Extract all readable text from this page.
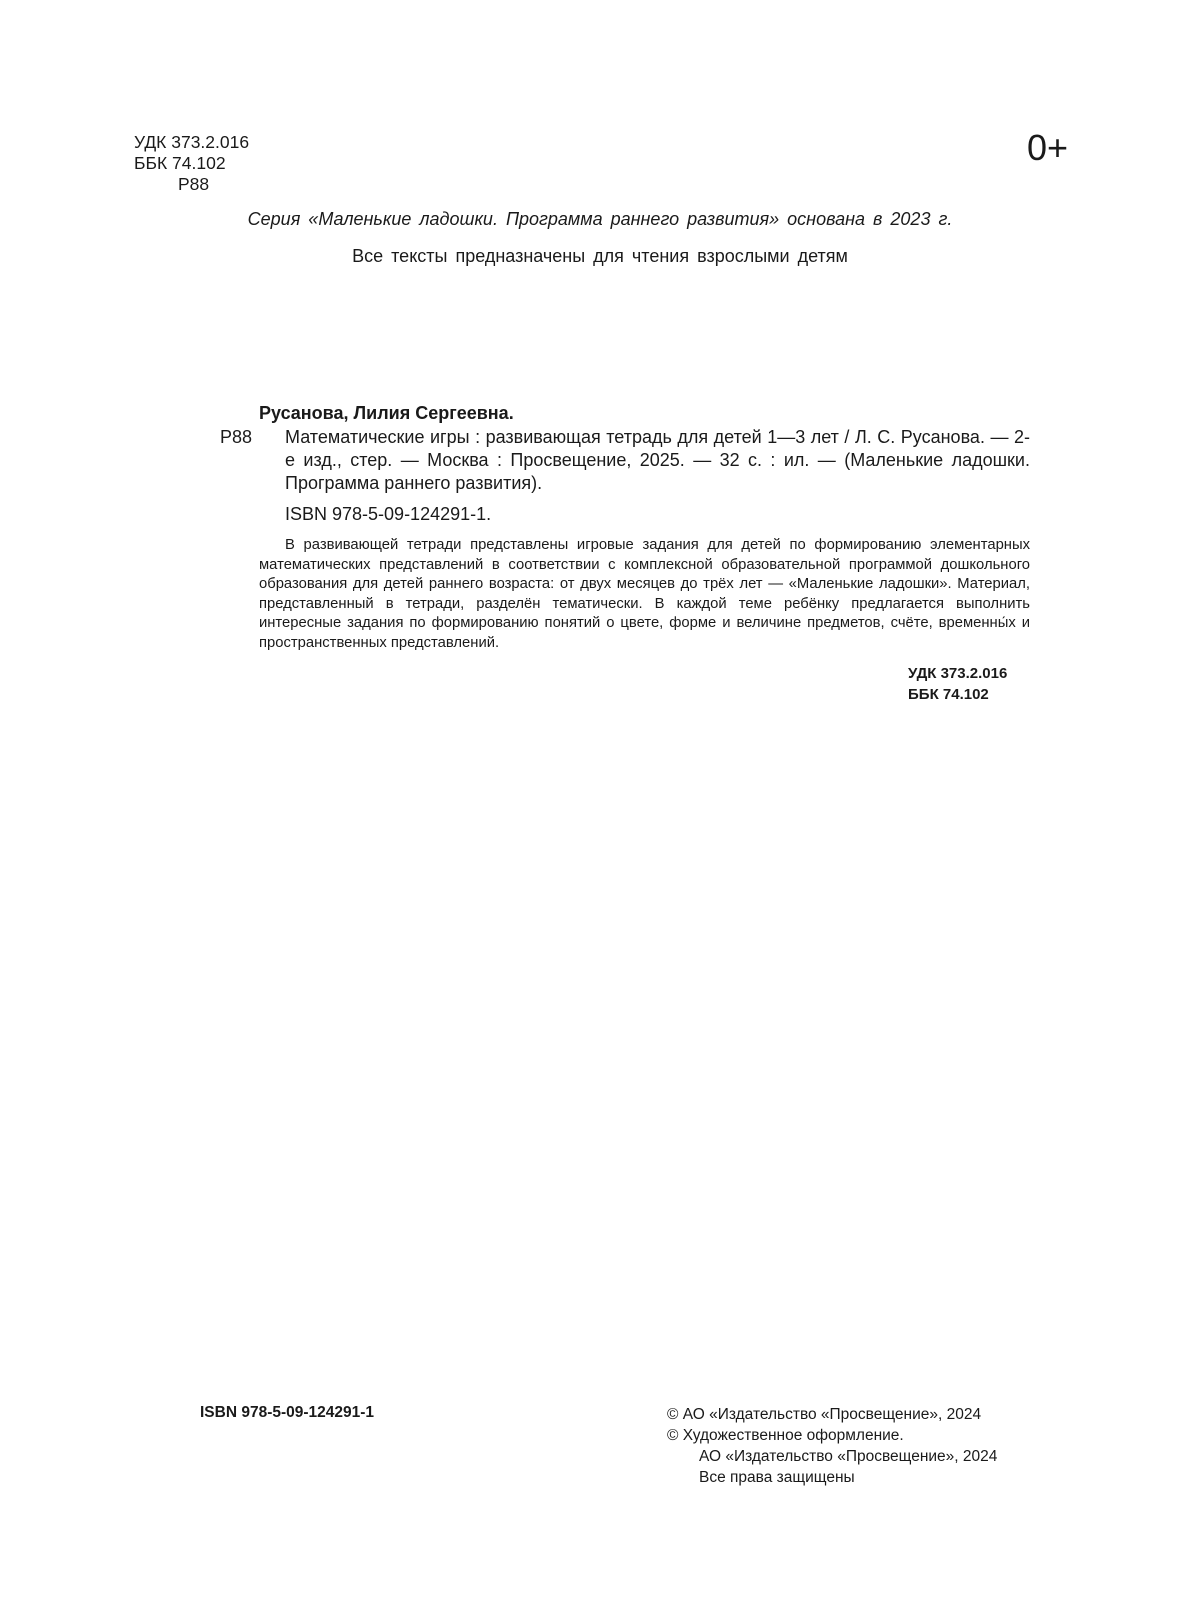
УДК 373.2.016
ББК 74.102
Р88
0+
Серия «Маленькие ладошки. Программа раннего развития» основана в 2023 г.
Все тексты предназначены для чтения взрослыми детям
Русанова, Лилия Сергеевна.
Р88 Математические игры : развивающая тетрадь для детей 1—3 лет / Л. С. Русанова. — 2-е изд., стер. — Москва : Просвещение, 2025. — 32 с. : ил. — (Маленькие ладошки. Программа раннего развития).
ISBN 978-5-09-124291-1.
В развивающей тетради представлены игровые задания для детей по формированию элементарных математических представлений в соответствии с комплексной образовательной программой дошкольного образования для детей раннего возраста: от двух месяцев до трёх лет — «Маленькие ладошки». Материал, представленный в тетради, разделён тематически. В каждой теме ребёнку предлагается выполнить интересные задания по формированию понятий о цвете, форме и величине предметов, счёте, временны́х и пространственных представлений.
УДК 373.2.016
ББК 74.102
ISBN 978-5-09-124291-1	© АО «Издательство «Просвещение», 2024
© Художественное оформление.
АО «Издательство «Просвещение», 2024
Все права защищены
